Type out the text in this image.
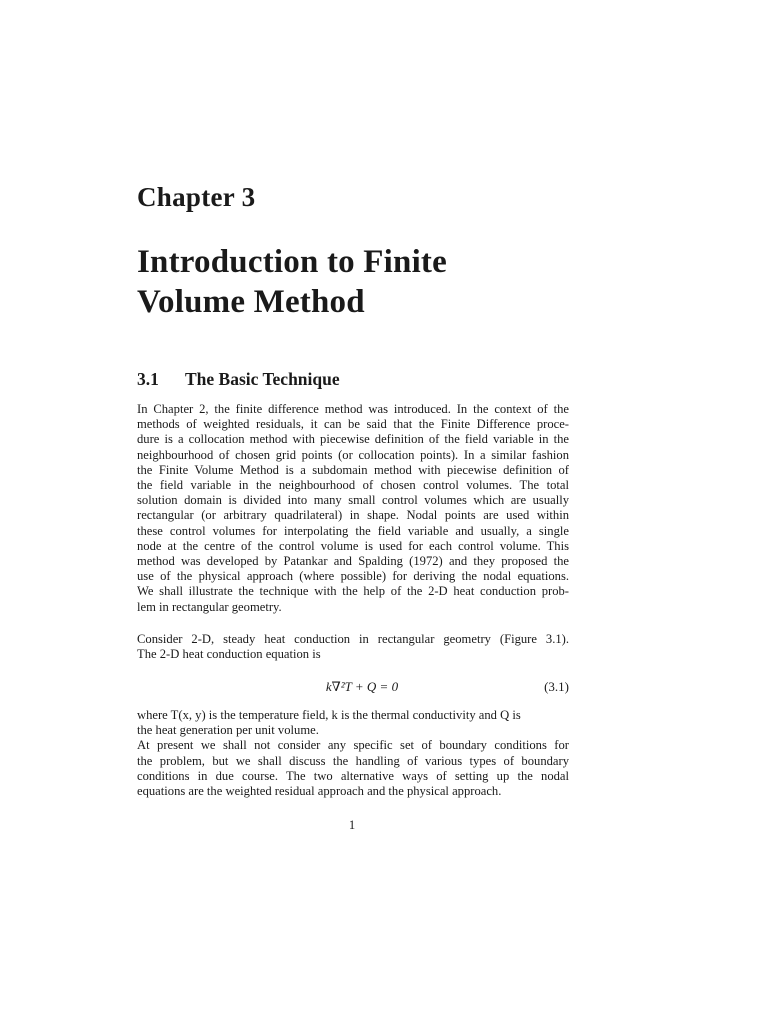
Chapter 3
Introduction to Finite
Volume Method
3.1 The Basic Technique
In Chapter 2, the finite difference method was introduced. In the context of the
methods of weighted residuals, it can be said that the Finite Difference proce-
dure is a collocation method with piecewise definition of the field variable in the
neighbourhood of chosen grid points (or collocation points). In a similar fashion
the Finite Volume Method is a subdomain method with piecewise definition of
the field variable in the neighbourhood of chosen control volumes. The total
solution domain is divided into many small control volumes which are usually
rectangular (or arbitrary quadrilateral) in shape. Nodal points are used within
these control volumes for interpolating the field variable and usually, a single
node at the centre of the control volume is used for each control volume. This
method was developed by Patankar and Spalding (1972) and they proposed the
use of the physical approach (where possible) for deriving the nodal equations.
We shall illustrate the technique with the help of the 2-D heat conduction prob-
lem in rectangular geometry.
Consider 2-D, steady heat conduction in rectangular geometry (Figure 3.1).
The 2-D heat conduction equation is
k∇²T + Q = 0	(3.1)
where T(x, y) is the temperature field, k is the thermal conductivity and Q is
the heat generation per unit volume.
At present we shall not consider any specific set of boundary conditions for
the problem, but we shall discuss the handling of various types of boundary
conditions in due course. The two alternative ways of setting up the nodal
equations are the weighted residual approach and the physical approach.
1
